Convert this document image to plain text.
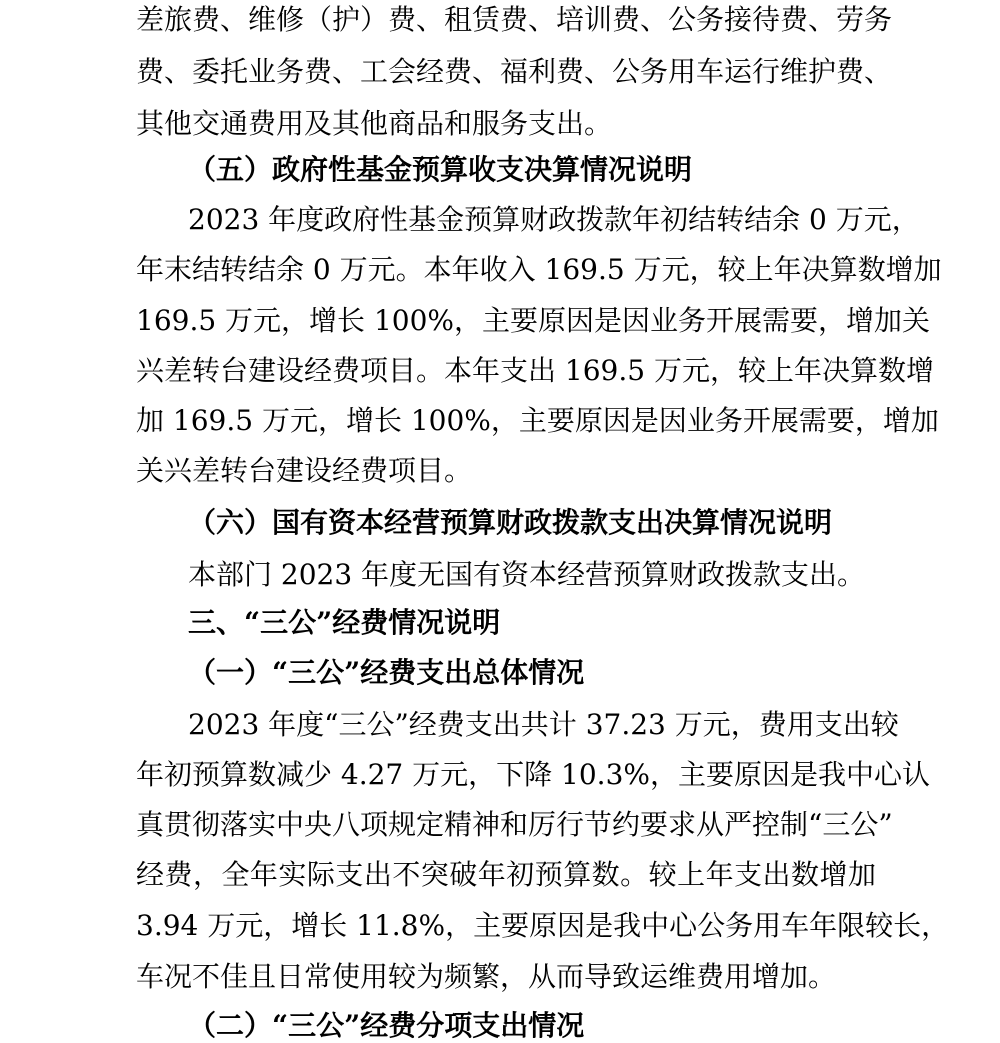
差旅费、维修（护）费、租赁费、培训费、公务接待费、劳务
费、委托业务费、工会经费、福利费、公务用车运行维护费、
其他交通费用及其他商品和服务支出。
（五）政府性基金预算收支决算情况说明
2023 年度政府性基金预算财政拨款年初结转结余 0 万元，
年末结转结余 0 万元。本年收入 169.5 万元，较上年决算数增加
169.5 万元，增长 100%，主要原因是因业务开展需要，增加关
兴差转台建设经费项目。本年支出 169.5 万元，较上年决算数增
加 169.5 万元，增长 100%，主要原因是因业务开展需要，增加
关兴差转台建设经费项目。
（六）国有资本经营预算财政拨款支出决算情况说明
本部门 2023 年度无国有资本经营预算财政拨款支出。
三、“三公”经费情况说明
（一）“三公”经费支出总体情况
2023 年度“三公”经费支出共计 37.23 万元，费用支出较
年初预算数减少 4.27 万元，下降 10.3%，主要原因是我中心认
真贯彻落实中央八项规定精神和厉行节约要求从严控制“三公”
经费，全年实际支出不突破年初预算数。较上年支出数增加
3.94 万元，增长 11.8%，主要原因是我中心公务用车年限较长，
车况不佳且日常使用较为频繁，从而导致运维费用增加。
（二）“三公”经费分项支出情况
